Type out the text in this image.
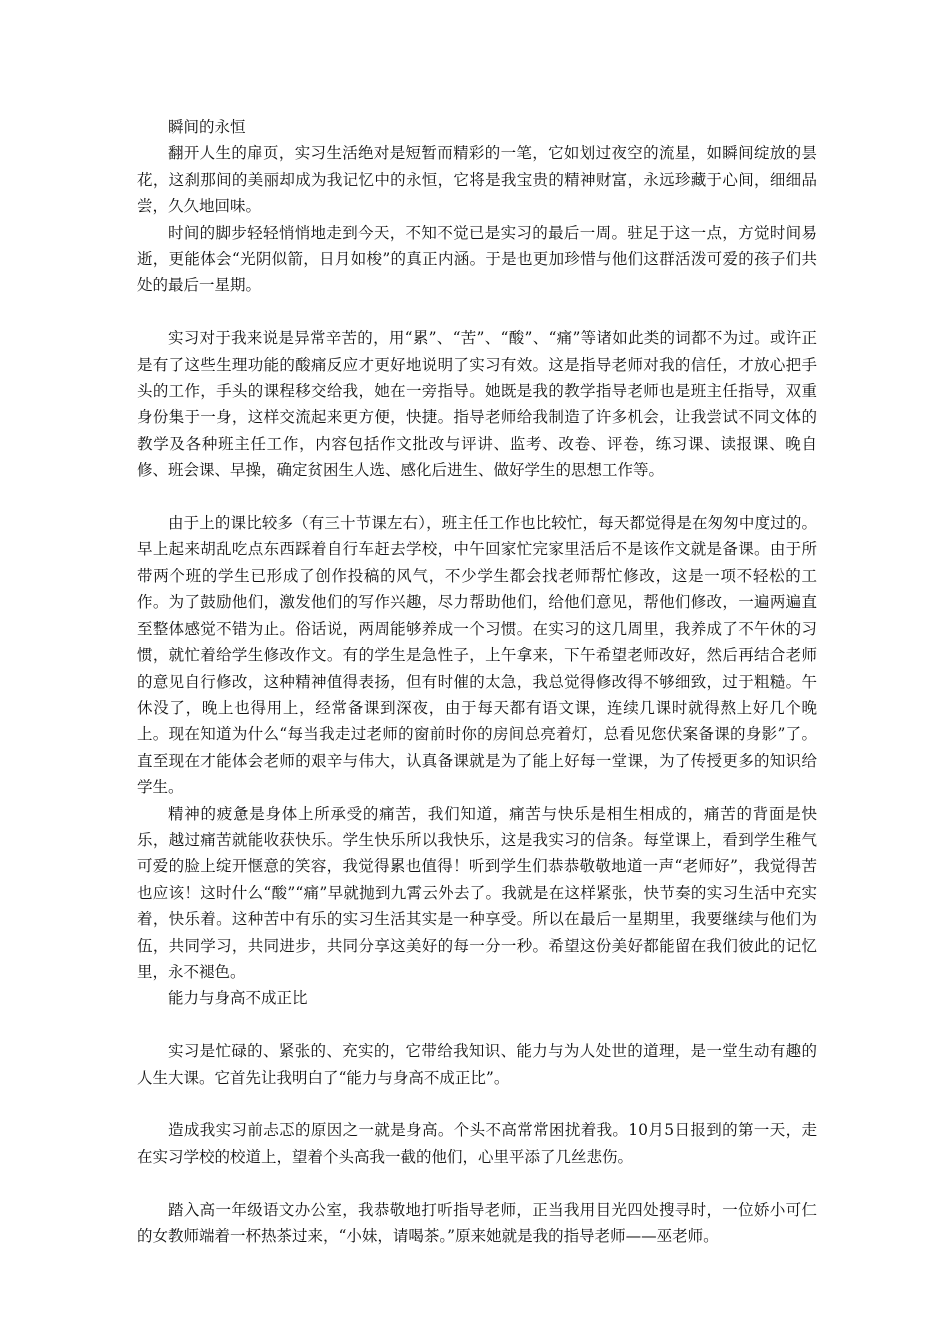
瞬间的永恒

翻开人生的扉页，实习生活绝对是短暂而精彩的一笔，它如划过夜空的流星，如瞬间绽放的昙花，这刹那间的美丽却成为我记忆中的永恒，它将是我宝贵的精神财富，永远珍藏于心间，细细品尝，久久地回味。

时间的脚步轻轻悄悄地走到今天，不知不觉已是实习的最后一周。驻足于这一点，方觉时间易逝，更能体会“光阴似箭，日月如梭”的真正内涵。于是也更加珍惜与他们这群活泼可爱的孩子们共处的最后一星期。

实习对于我来说是异常辛苦的，用“累”、“苦”、“酸”、“痛”等诸如此类的词都不为过。或许正是有了这些生理功能的酸痛反应才更好地说明了实习有效。这是指导老师对我的信任，才放心把手头的工作，手头的课程移交给我，她在一旁指导。她既是我的教学指导老师也是班主任指导，双重身份集于一身，这样交流起来更方便，快捷。指导老师给我制造了许多机会，让我尝试不同文体的教学及各种班主任工作，内容包括作文批改与评讲、监考、改卷、评卷，练习课、读报课、晚自修、班会课、早操，确定贫困生人选、感化后进生、做好学生的思想工作等。

由于上的课比较多（有三十节课左右），班主任工作也比较忙，每天都觉得是在匆匆中度过的。早上起来胡乱吃点东西踩着自行车赶去学校，中午回家忙完家里活后不是该作文就是备课。由于所带两个班的学生已形成了创作投稿的风气，不少学生都会找老师帮忙修改，这是一项不轻松的工作。为了鼓励他们，激发他们的写作兴趣，尽力帮助他们，给他们意见，帮他们修改，一遍两遍直至整体感觉不错为止。俗话说，两周能够养成一个习惯。在实习的这几周里，我养成了不午休的习惯，就忙着给学生修改作文。有的学生是急性子，上午拿来，下午希望老师改好，然后再结合老师的意见自行修改，这种精神值得表扬，但有时催的太急，我总觉得修改得不够细致，过于粗糙。午休没了，晚上也得用上，经常备课到深夜，由于每天都有语文课，连续几课时就得熬上好几个晚上。现在知道为什么“每当我走过老师的窗前时你的房间总亮着灯，总看见您伏案备课的身影”了。直至现在才能体会老师的艰辛与伟大，认真备课就是为了能上好每一堂课，为了传授更多的知识给学生。

精神的疲惫是身体上所承受的痛苦，我们知道，痛苦与快乐是相生相成的，痛苦的背面是快乐，越过痛苦就能收获快乐。学生快乐所以我快乐，这是我实习的信条。每堂课上，看到学生稚气可爱的脸上绽开惬意的笑容，我觉得累也值得！听到学生们恭恭敬敬地道一声“老师好”，我觉得苦也应该！这时什么“酸”“痛”早就抛到九霄云外去了。我就是在这样紧张，快节奏的实习生活中充实着，快乐着。这种苦中有乐的实习生活其实是一种享受。所以在最后一星期里，我要继续与他们为伍，共同学习，共同进步，共同分享这美好的每一分一秒。希望这份美好都能留在我们彼此的记忆里，永不褪色。

能力与身高不成正比

实习是忙碌的、紧张的、充实的，它带给我知识、能力与为人处世的道理，是一堂生动有趣的人生大课。它首先让我明白了“能力与身高不成正比”。

造成我实习前忐忑的原因之一就是身高。个头不高常常困扰着我。10月5日报到的第一天，走在实习学校的校道上，望着个头高我一截的他们，心里平添了几丝悲伤。

踏入高一年级语文办公室，我恭敬地打听指导老师，正当我用目光四处搜寻时，一位娇小可仁的女教师端着一杯热茶过来，“小妹，请喝茶。”原来她就是我的指导老师——巫老师。
